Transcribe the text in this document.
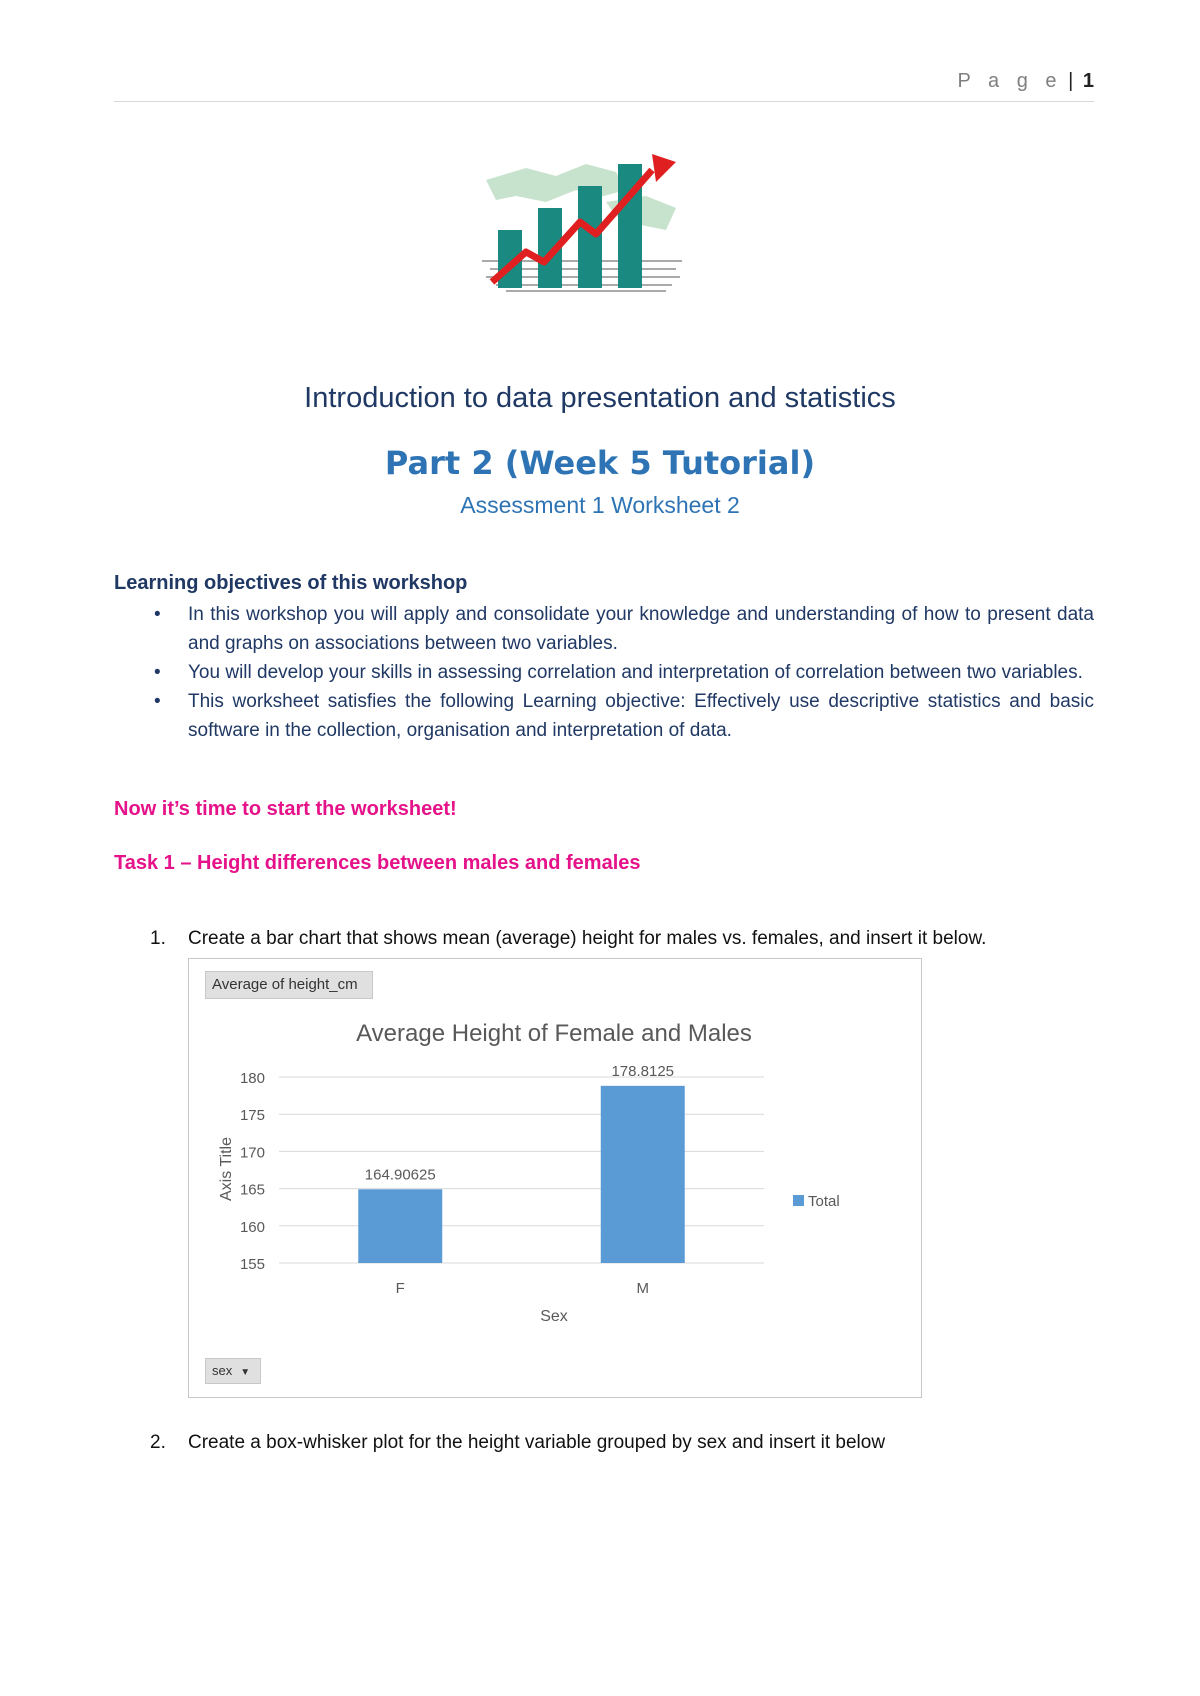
P a g e | 1
Introduction to data presentation and statistics
Part 2 (Week 5 Tutorial)
Assessment 1 Worksheet 2
Learning objectives of this workshop
• In this workshop you will apply and consolidate your knowledge and understanding of how to present data and graphs on associations between two variables.
• You will develop your skills in assessing correlation and interpretation of correlation between two variables.
• This worksheet satisfies the following Learning objective: Effectively use descriptive statistics and basic software in the collection, organisation and interpretation of data.
Now it’s time to start the worksheet!
Task 1 – Height differences between males and females
1. Create a bar chart that shows mean (average) height for males vs. females, and insert it below.
Average of height_cm
Average Height of Female and Males
Axis Title
Sex
155
160
165
170
175
180
164.90625
F
178.8125
M
Total
sex ▼
2. Create a box-whisker plot for the height variable grouped by sex and insert it below
